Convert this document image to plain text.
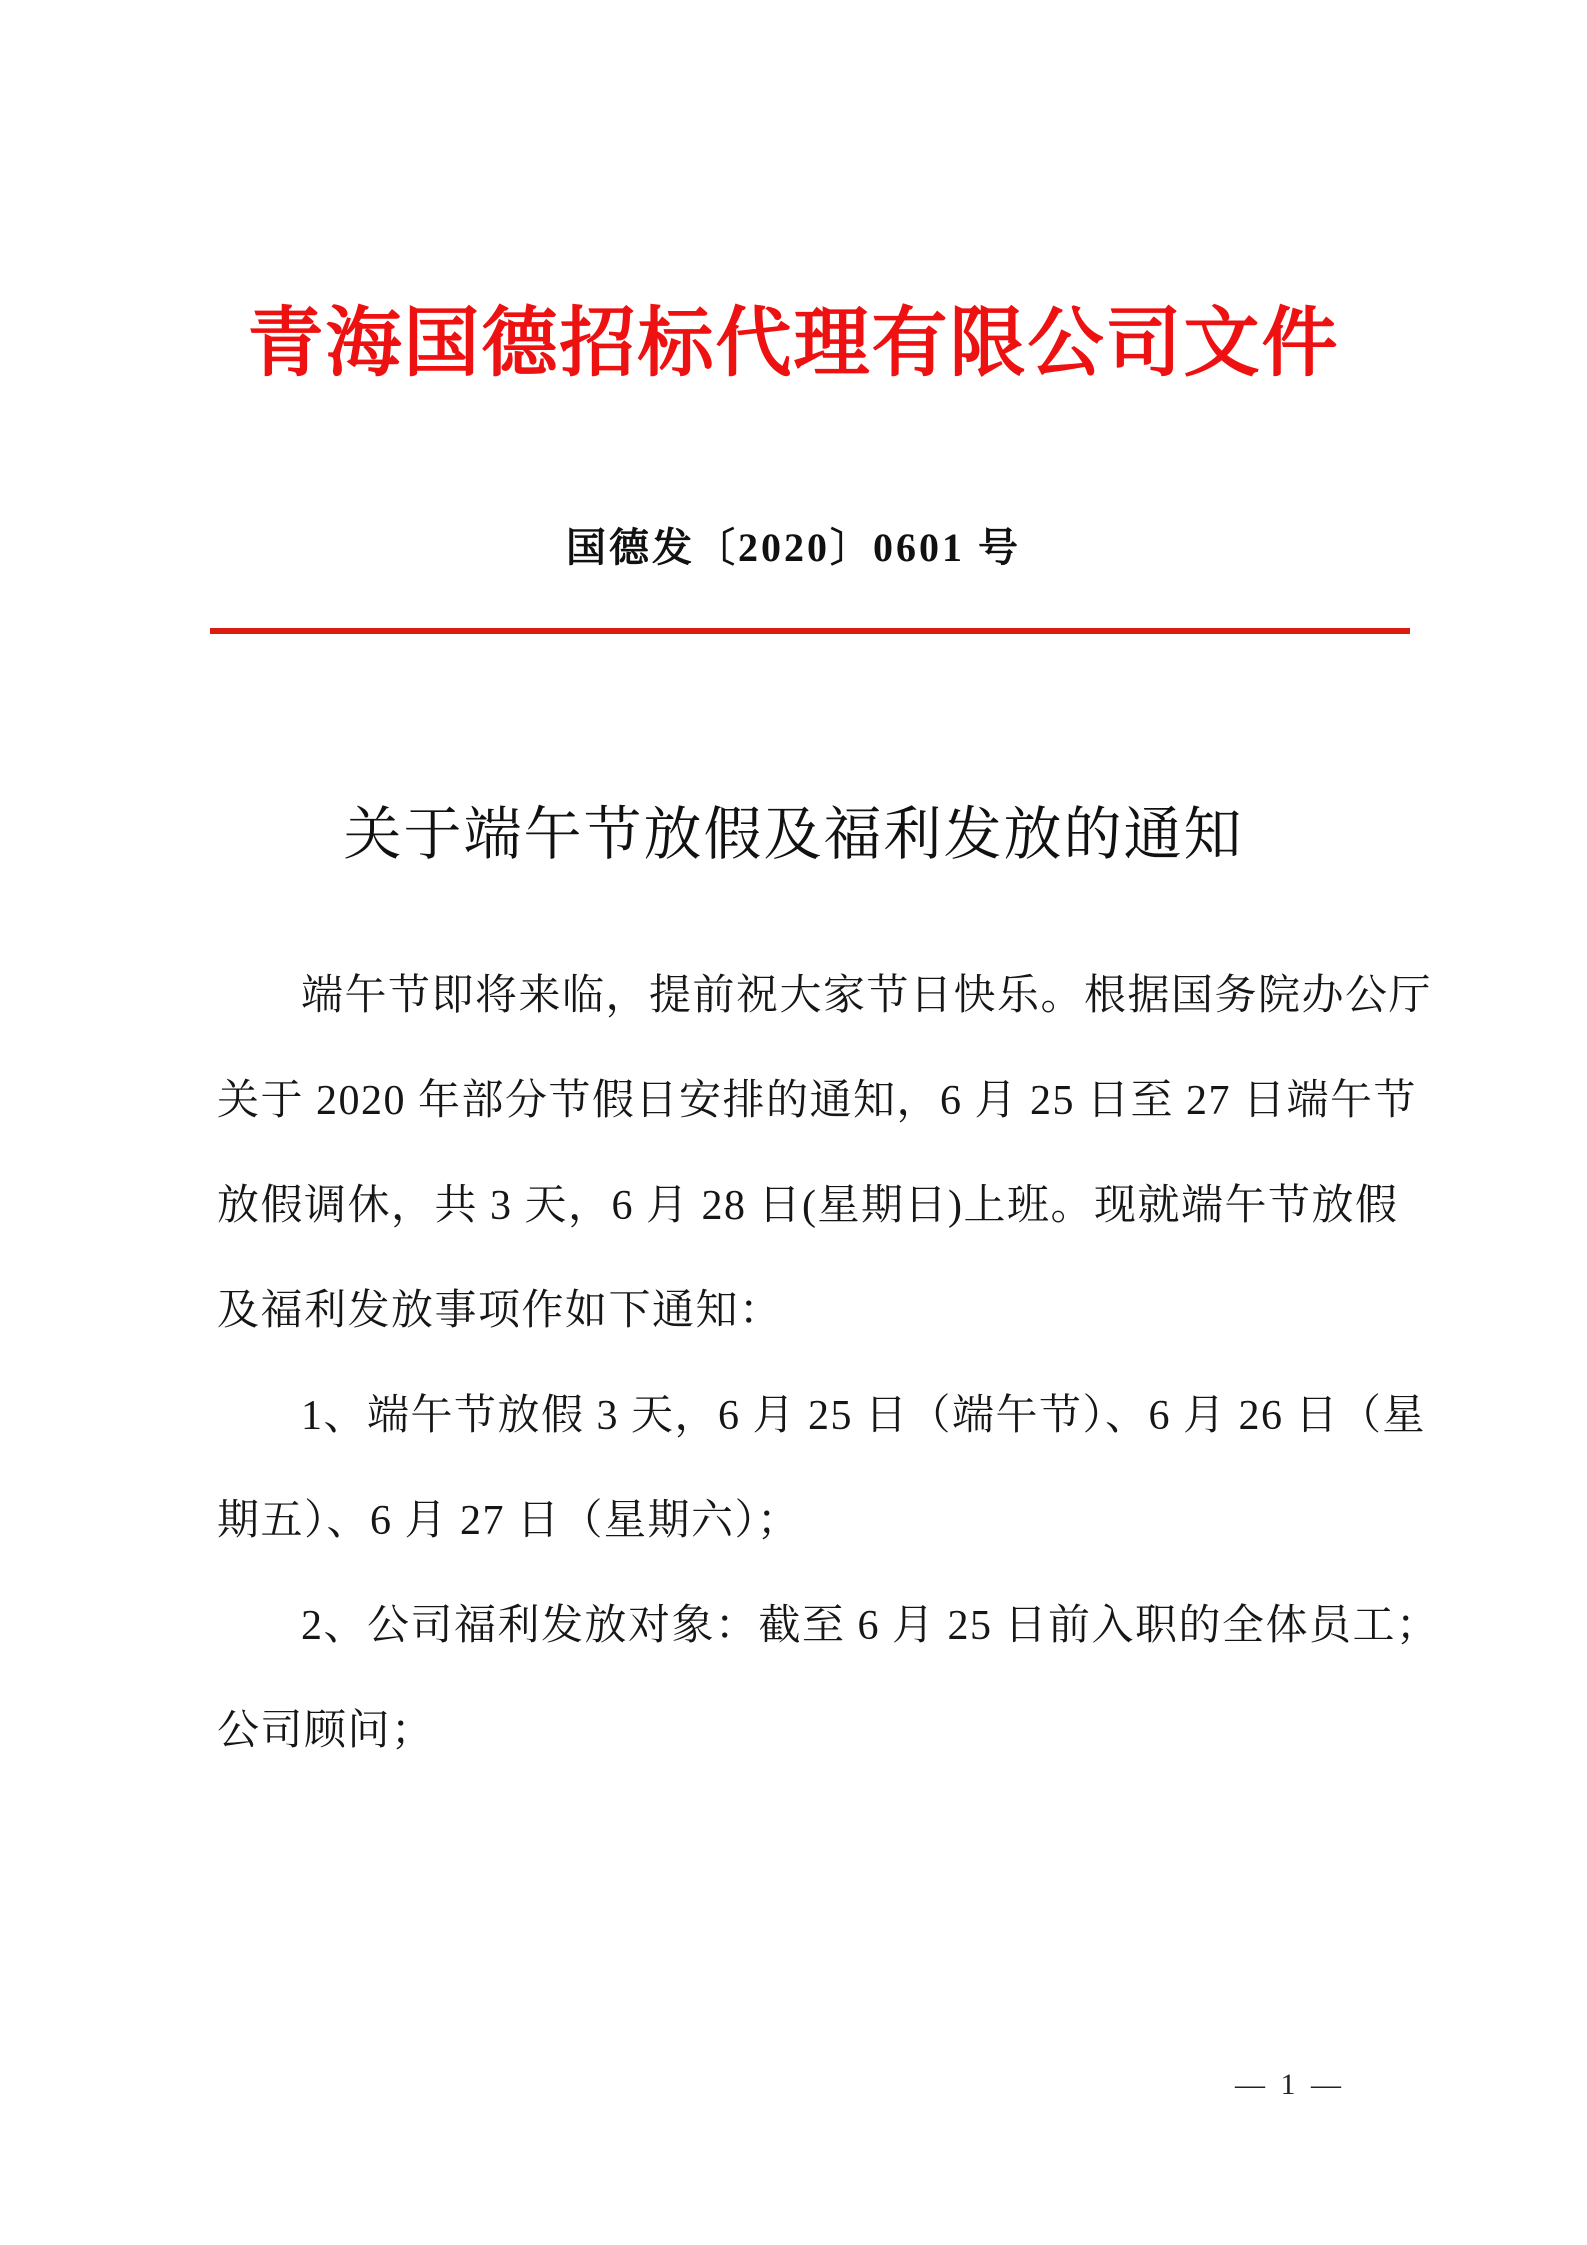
青海国德招标代理有限公司文件
国德发〔2020〕0601 号
关于端午节放假及福利发放的通知
端午节即将来临，提前祝大家节日快乐。根据国务院办公厅
关于 2020 年部分节假日安排的通知，6 月 25 日至 27 日端午节
放假调休，共 3 天，6 月 28 日(星期日)上班。现就端午节放假
及福利发放事项作如下通知：
1、端午节放假 3 天，6 月 25 日（端午节）、6 月 26 日（星
期五）、6 月 27 日（星期六）；
2、公司福利发放对象：截至 6 月 25 日前入职的全体员工；
公司顾问；
— 1 —
